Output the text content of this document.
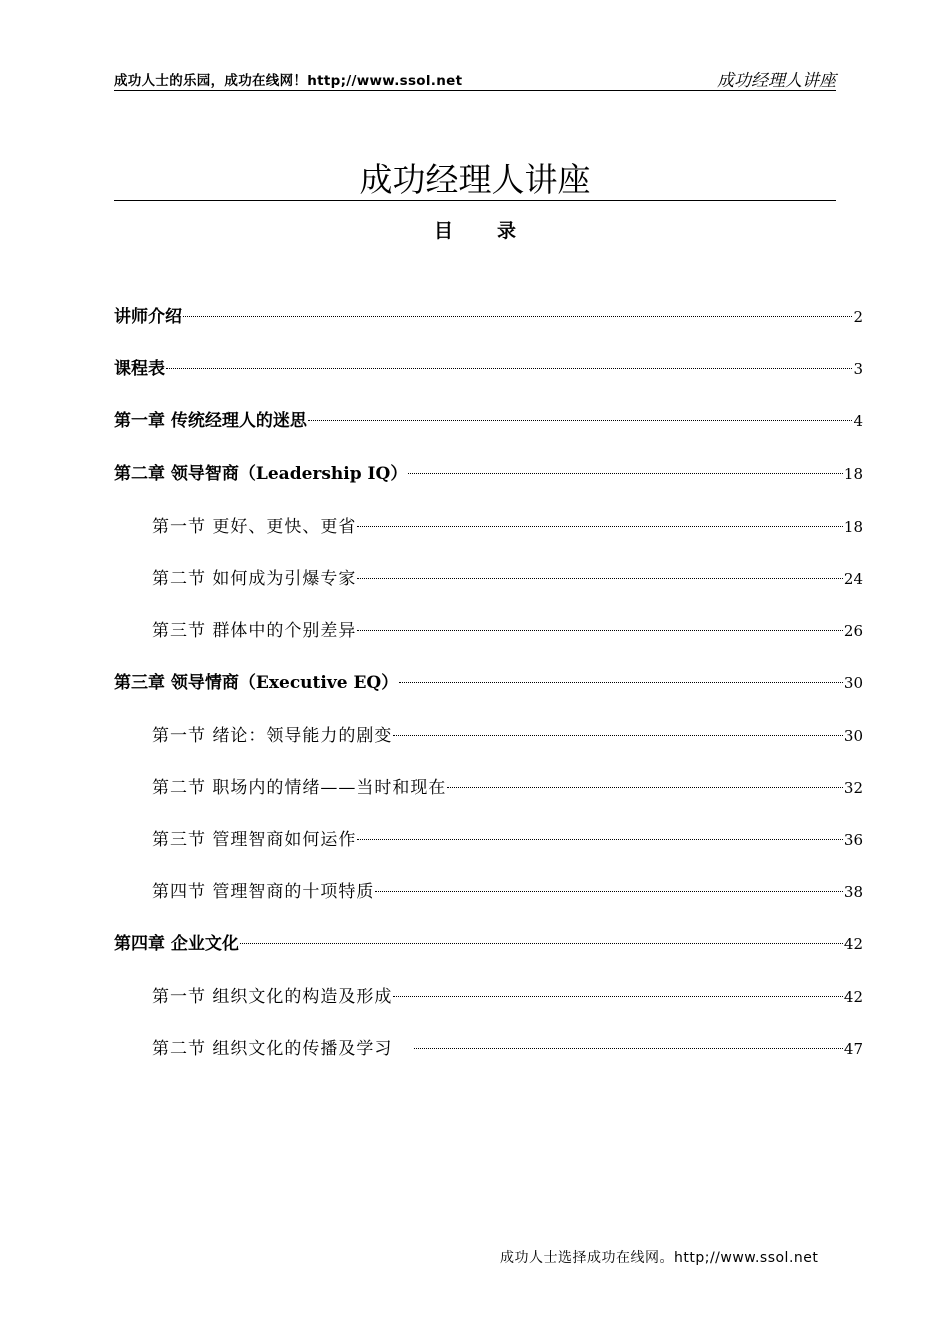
成功人士的乐园，成功在线网！http;//www.ssol.net	成功经理人讲座
成功经理人讲座
目录
讲师介绍	2
课程表	3
第一章 传统经理人的迷思	4
第二章 领导智商（Leadership IQ）	18
第一节 更好、更快、更省	18
第二节 如何成为引爆专家	24
第三节 群体中的个别差异	26
第三章 领导情商（Executive EQ）	30
第一节 绪论：领导能力的剧变	30
第二节 职场内的情绪——当时和现在	32
第三节 管理智商如何运作	36
第四节 管理智商的十项特质	38
第四章 企业文化	42
第一节 组织文化的构造及形成	42
第二节 组织文化的传播及学习	47
成功人士选择成功在线网。http;//www.ssol.net
